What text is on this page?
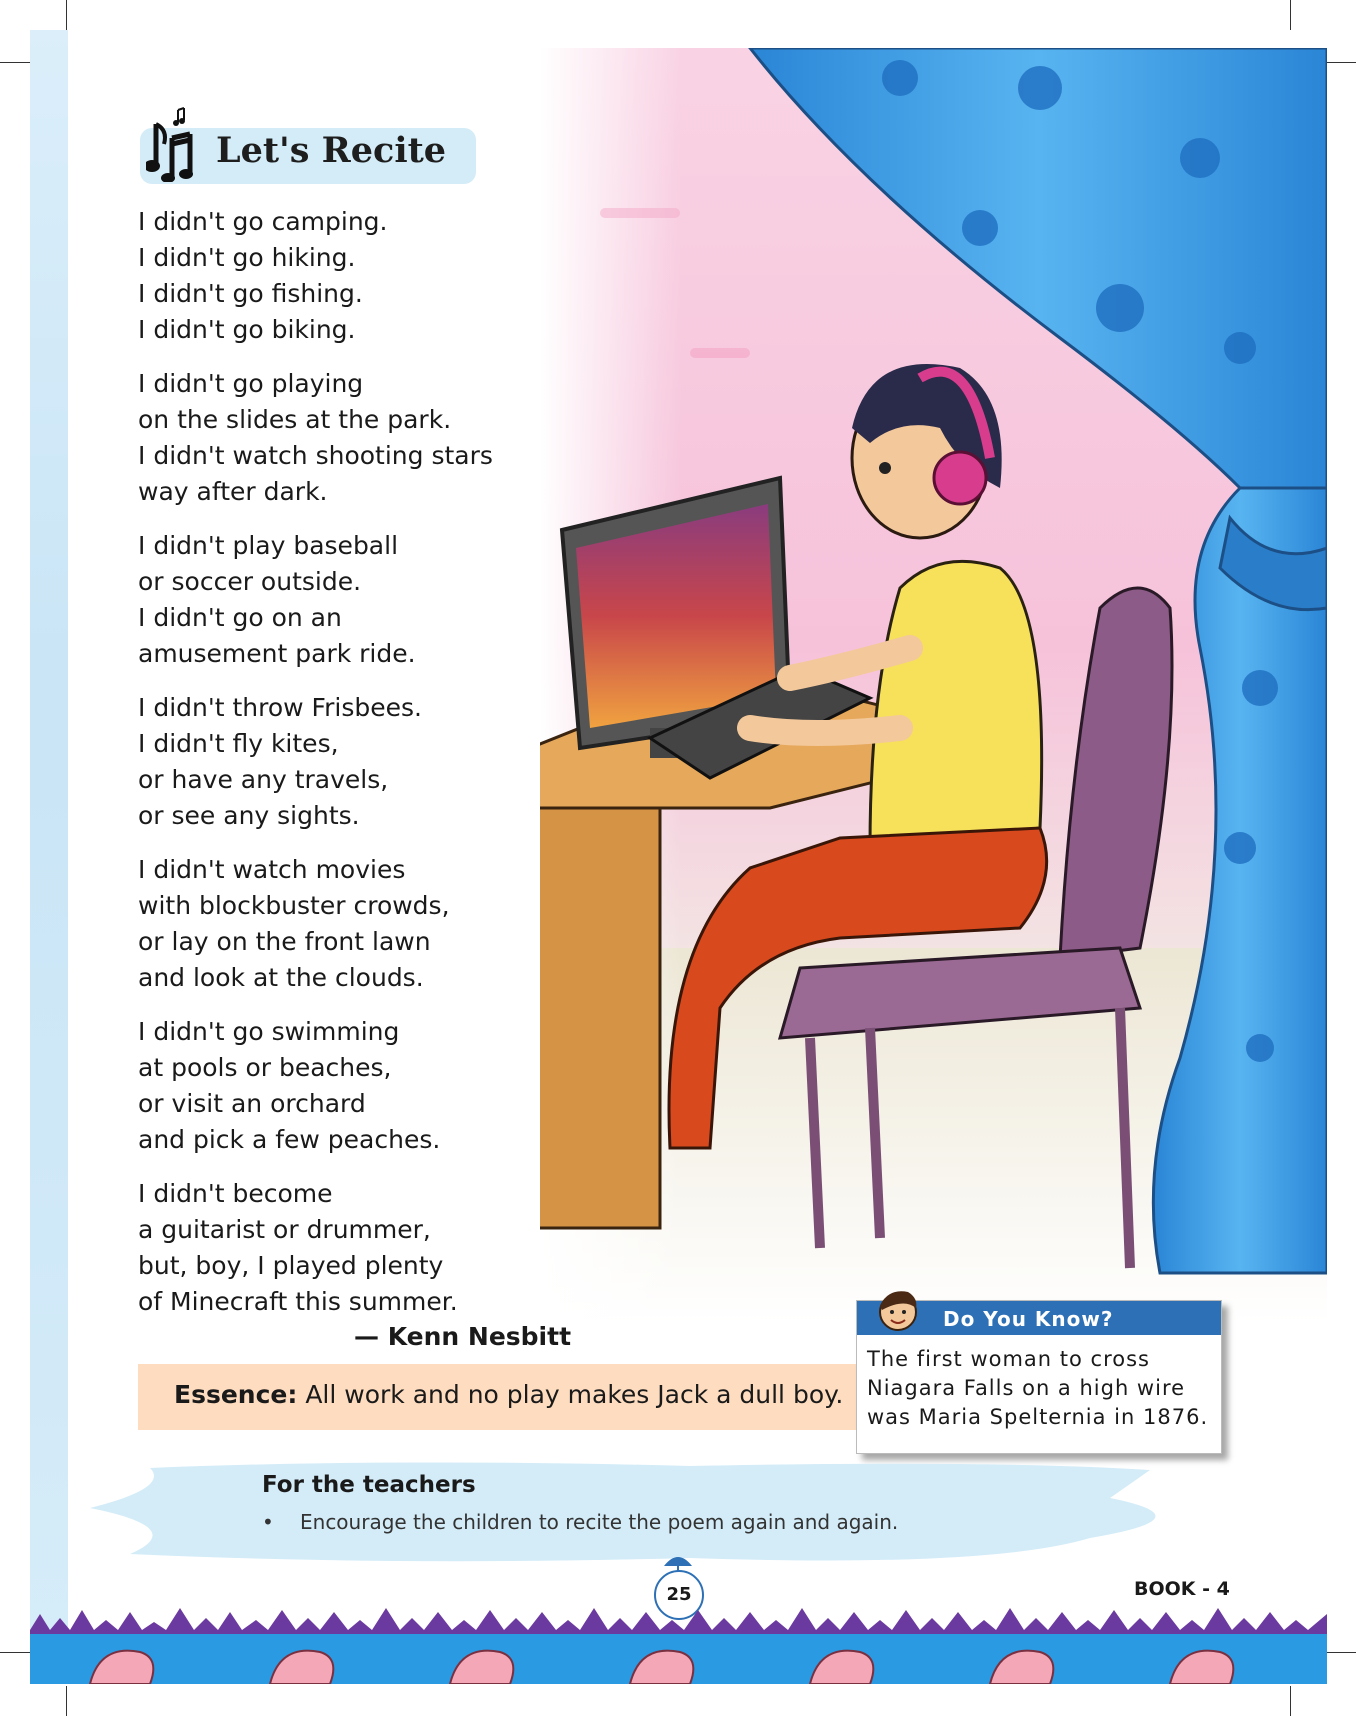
Let's Recite
I didn't go camping.
I didn't go hiking.
I didn't go fishing.
I didn't go biking.
I didn't go playing
on the slides at the park.
I didn't watch shooting stars
way after dark.
I didn't play baseball
or soccer outside.
I didn't go on an
amusement park ride.
I didn't throw Frisbees.
I didn't fly kites,
or have any travels,
or see any sights.
I didn't watch movies
with blockbuster crowds,
or lay on the front lawn
and look at the clouds.
I didn't go swimming
at pools or beaches,
or visit an orchard
and pick a few peaches.
I didn't become
a guitarist or drummer,
but, boy, I played plenty
of Minecraft this summer.
— Kenn Nesbitt
Essence: All work and no play makes Jack a dull boy.
Do You Know?
The first woman to cross
Niagara Falls on a high wire
was Maria Spelternia in 1876.
For the teachers
• Encourage the children to recite the poem again and again.
25	BOOK - 4
